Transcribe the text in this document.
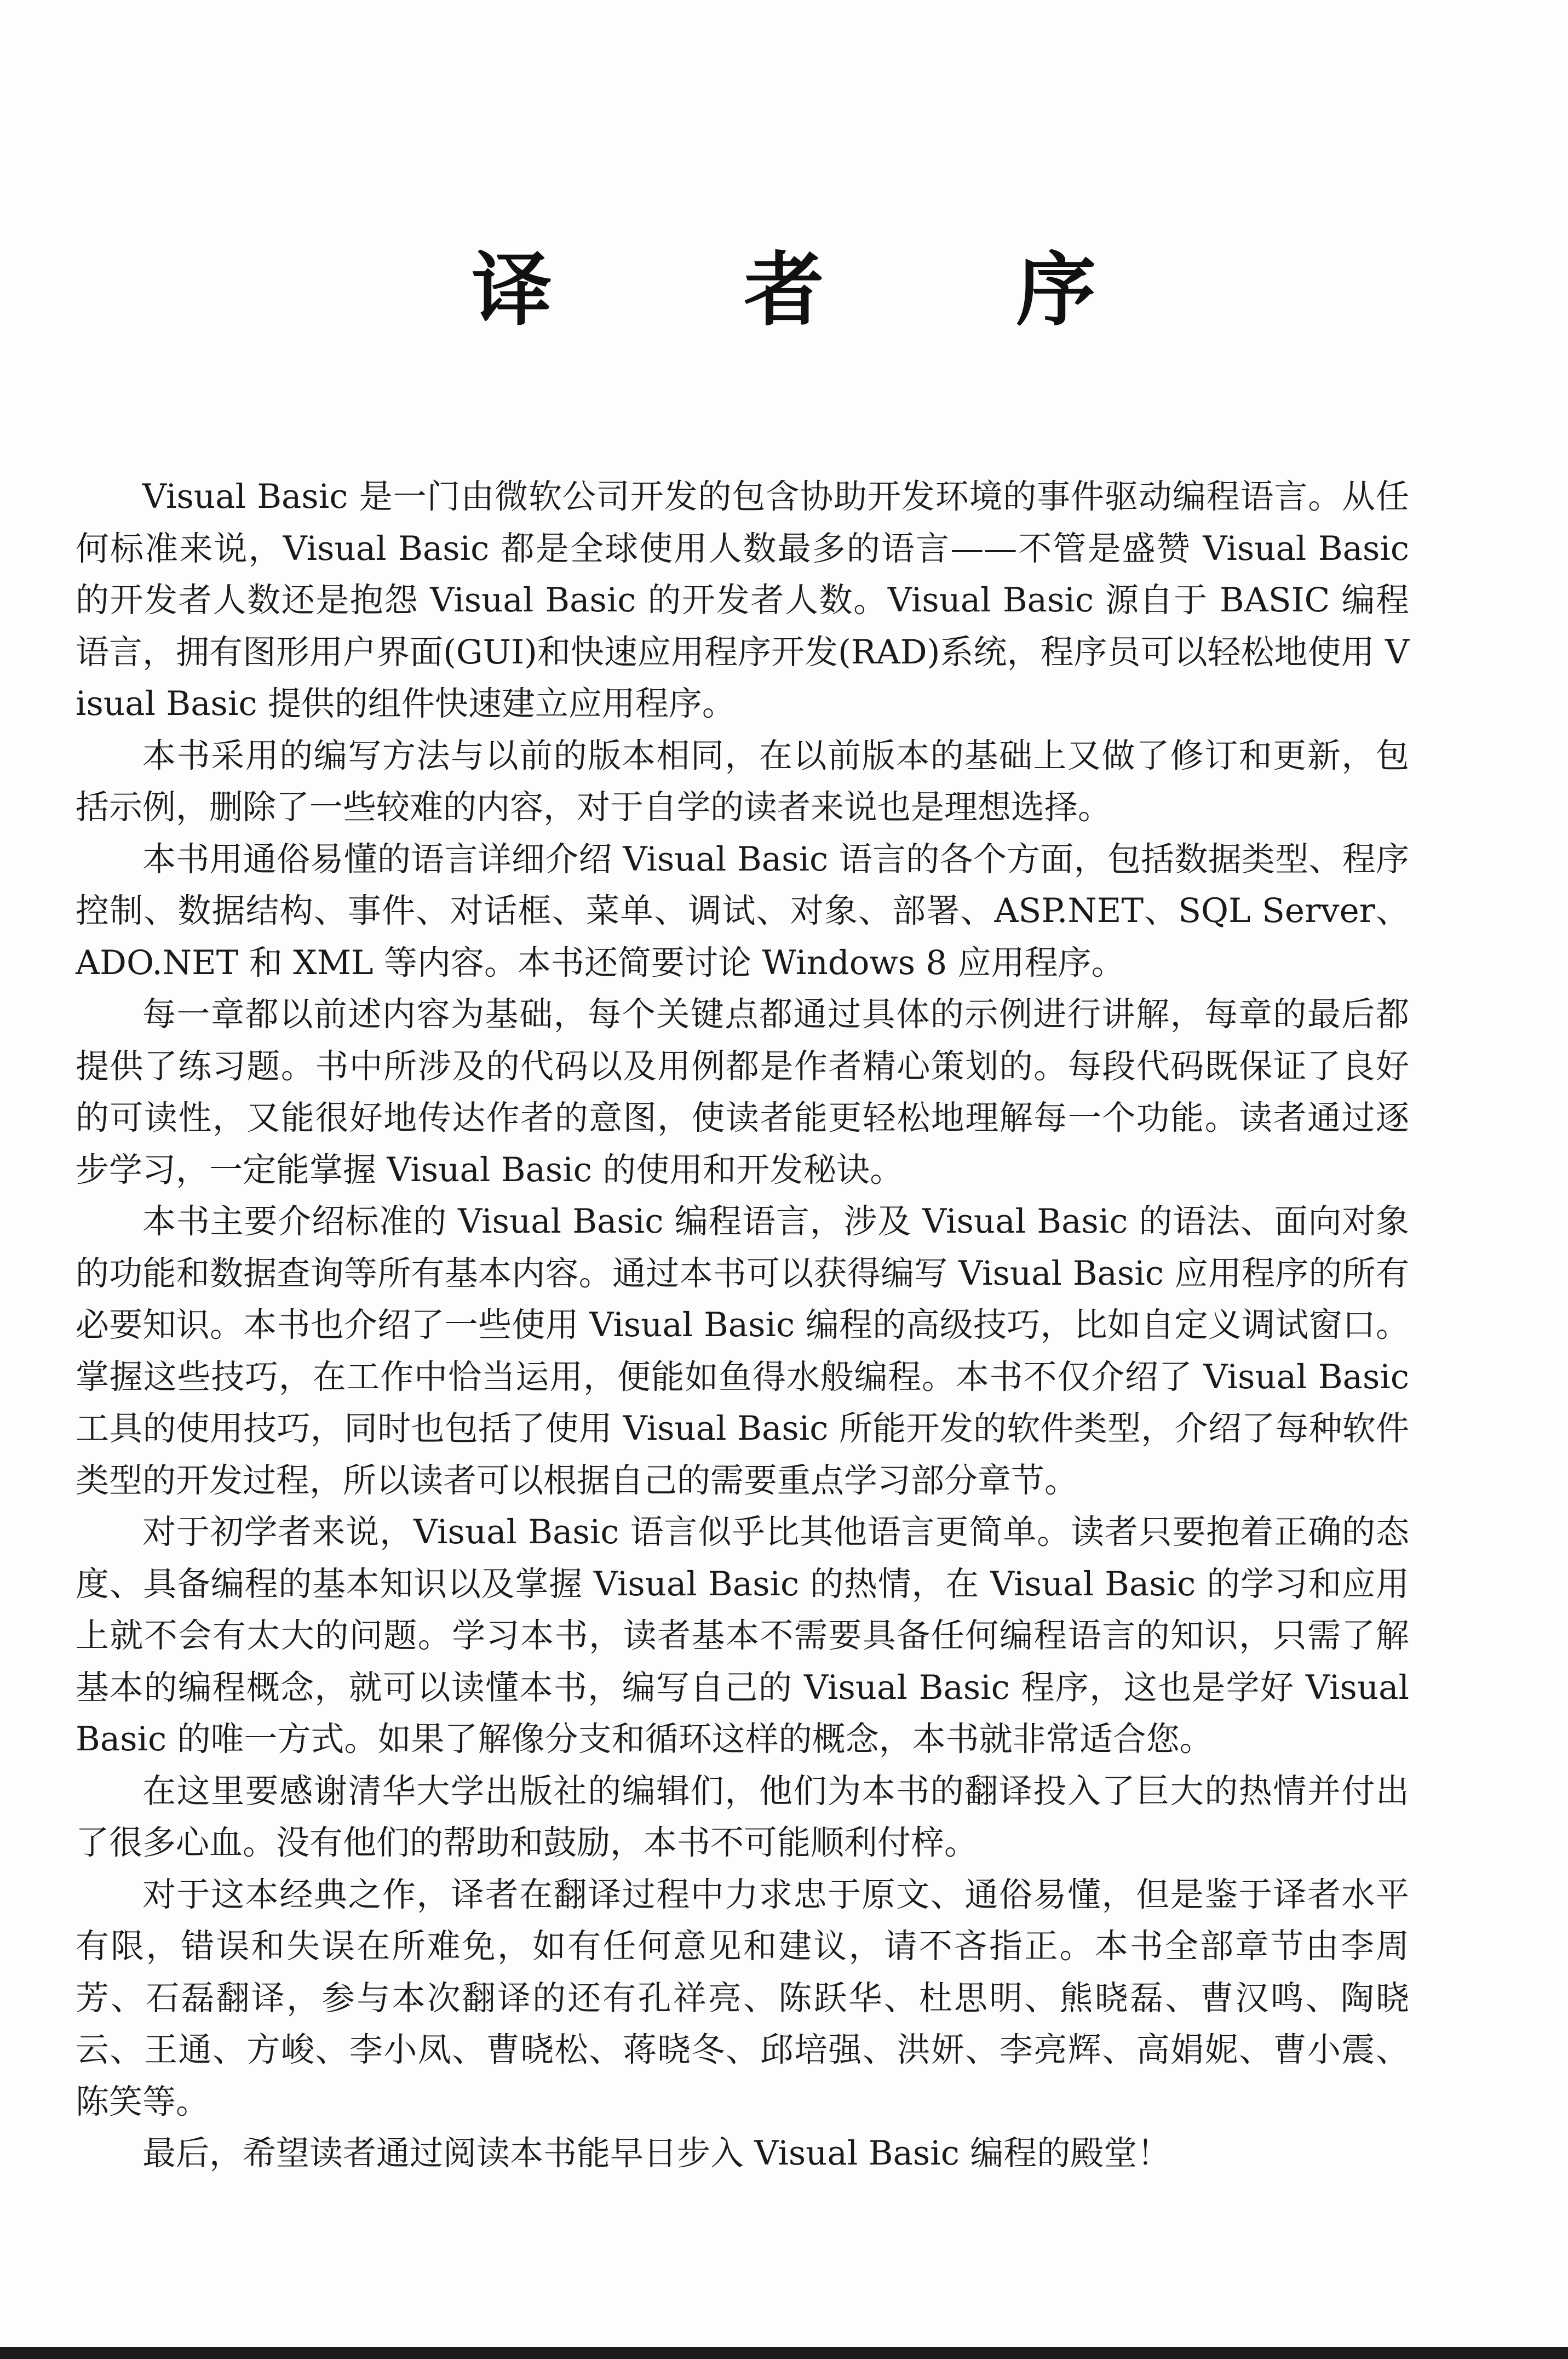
译 者 序

Visual Basic 是一门由微软公司开发的包含协助开发环境的事件驱动编程语言。从任何标准来说，Visual Basic 都是全球使用人数最多的语言——不管是盛赞 Visual Basic 的开发者人数还是抱怨 Visual Basic 的开发者人数。Visual Basic 源自于 BASIC 编程语言，拥有图形用户界面(GUI)和快速应用程序开发(RAD)系统，程序员可以轻松地使用 Visual Basic 提供的组件快速建立应用程序。

本书采用的编写方法与以前的版本相同，在以前版本的基础上又做了修订和更新，包括示例，删除了一些较难的内容，对于自学的读者来说也是理想选择。

本书用通俗易懂的语言详细介绍 Visual Basic 语言的各个方面，包括数据类型、程序控制、数据结构、事件、对话框、菜单、调试、对象、部署、ASP.NET、SQL Server、ADO.NET 和 XML 等内容。本书还简要讨论 Windows 8 应用程序。

每一章都以前述内容为基础，每个关键点都通过具体的示例进行讲解，每章的最后都提供了练习题。书中所涉及的代码以及用例都是作者精心策划的。每段代码既保证了良好的可读性，又能很好地传达作者的意图，使读者能更轻松地理解每一个功能。读者通过逐步学习，一定能掌握 Visual Basic 的使用和开发秘诀。

本书主要介绍标准的 Visual Basic 编程语言，涉及 Visual Basic 的语法、面向对象的功能和数据查询等所有基本内容。通过本书可以获得编写 Visual Basic 应用程序的所有必要知识。本书也介绍了一些使用 Visual Basic 编程的高级技巧，比如自定义调试窗口。掌握这些技巧，在工作中恰当运用，便能如鱼得水般编程。本书不仅介绍了 Visual Basic 工具的使用技巧，同时也包括了使用 Visual Basic 所能开发的软件类型，介绍了每种软件类型的开发过程，所以读者可以根据自己的需要重点学习部分章节。

对于初学者来说，Visual Basic 语言似乎比其他语言更简单。读者只要抱着正确的态度、具备编程的基本知识以及掌握 Visual Basic 的热情，在 Visual Basic 的学习和应用上就不会有太大的问题。学习本书，读者基本不需要具备任何编程语言的知识，只需了解基本的编程概念，就可以读懂本书，编写自己的 Visual Basic 程序，这也是学好 Visual Basic 的唯一方式。如果了解像分支和循环这样的概念，本书就非常适合您。

在这里要感谢清华大学出版社的编辑们，他们为本书的翻译投入了巨大的热情并付出了很多心血。没有他们的帮助和鼓励，本书不可能顺利付梓。

对于这本经典之作，译者在翻译过程中力求忠于原文、通俗易懂，但是鉴于译者水平有限，错误和失误在所难免，如有任何意见和建议，请不吝指正。本书全部章节由李周芳、石磊翻译，参与本次翻译的还有孔祥亮、陈跃华、杜思明、熊晓磊、曹汉鸣、陶晓云、王通、方峻、李小凤、曹晓松、蒋晓冬、邱培强、洪妍、李亮辉、高娟妮、曹小震、陈笑等。

最后，希望读者通过阅读本书能早日步入 Visual Basic 编程的殿堂！
